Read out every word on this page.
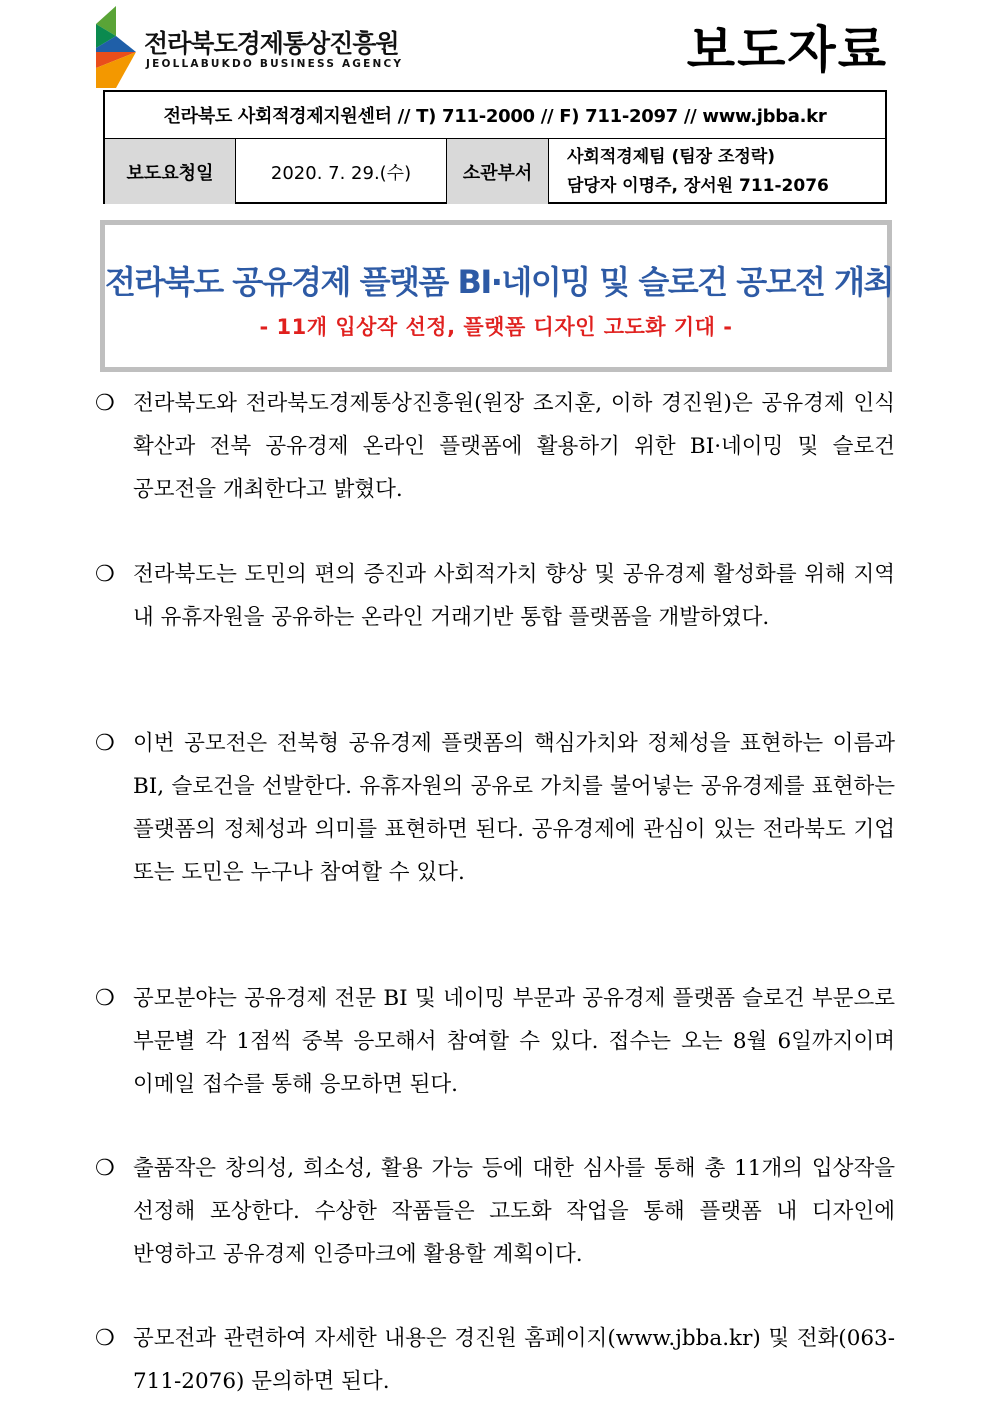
전라북도경제통상진흥원
JEOLLABUKDO BUSINESS AGENCY	보도자료
전라북도 사회적경제지원센터 // T) 711-2000 // F) 711-2097 // www.jbba.kr
보도요청일	2020. 7. 29.(수)	소관부서
사회적경제팀 (팀장 조정락)
담당자 이명주, 장서원 711-2076
전라북도 공유경제 플랫폼 BI·네이밍 및 슬로건 공모전 개최
- 11개 입상작 선정, 플랫폼 디자인 고도화 기대 -
❍ 전라북도와 전라북도경제통상진흥원(원장 조지훈, 이하 경진원)은 공유경제 인식 확산과 전북 공유경제 온라인 플랫폼에 활용하기 위한 BI·네이밍 및 슬로건 공모전을 개최한다고 밝혔다.

❍ 전라북도는 도민의 편의 증진과 사회적가치 향상 및 공유경제 활성화를 위해 지역 내 유휴자원을 공유하는 온라인 거래기반 통합 플랫폼을 개발하였다.

❍ 이번 공모전은 전북형 공유경제 플랫폼의 핵심가치와 정체성을 표현하는 이름과 BI, 슬로건을 선발한다. 유휴자원의 공유로 가치를 불어넣는 공유경제를 표현하는 플랫폼의 정체성과 의미를 표현하면 된다. 공유경제에 관심이 있는 전라북도 기업 또는 도민은 누구나 참여할 수 있다.

❍ 공모분야는 공유경제 전문 BI 및 네이밍 부문과 공유경제 플랫폼 슬로건 부문으로 부문별 각 1점씩 중복 응모해서 참여할 수 있다. 접수는 오는 8월 6일까지이며 이메일 접수를 통해 응모하면 된다.

❍ 출품작은 창의성, 희소성, 활용 가능 등에 대한 심사를 통해 총 11개의 입상작을 선정해 포상한다. 수상한 작품들은 고도화 작업을 통해 플랫폼 내 디자인에 반영하고 공유경제 인증마크에 활용할 계획이다.

❍ 공모전과 관련하여 자세한 내용은 경진원 홈페이지(www.jbba.kr) 및 전화(063-711-2076) 문의하면 된다.
